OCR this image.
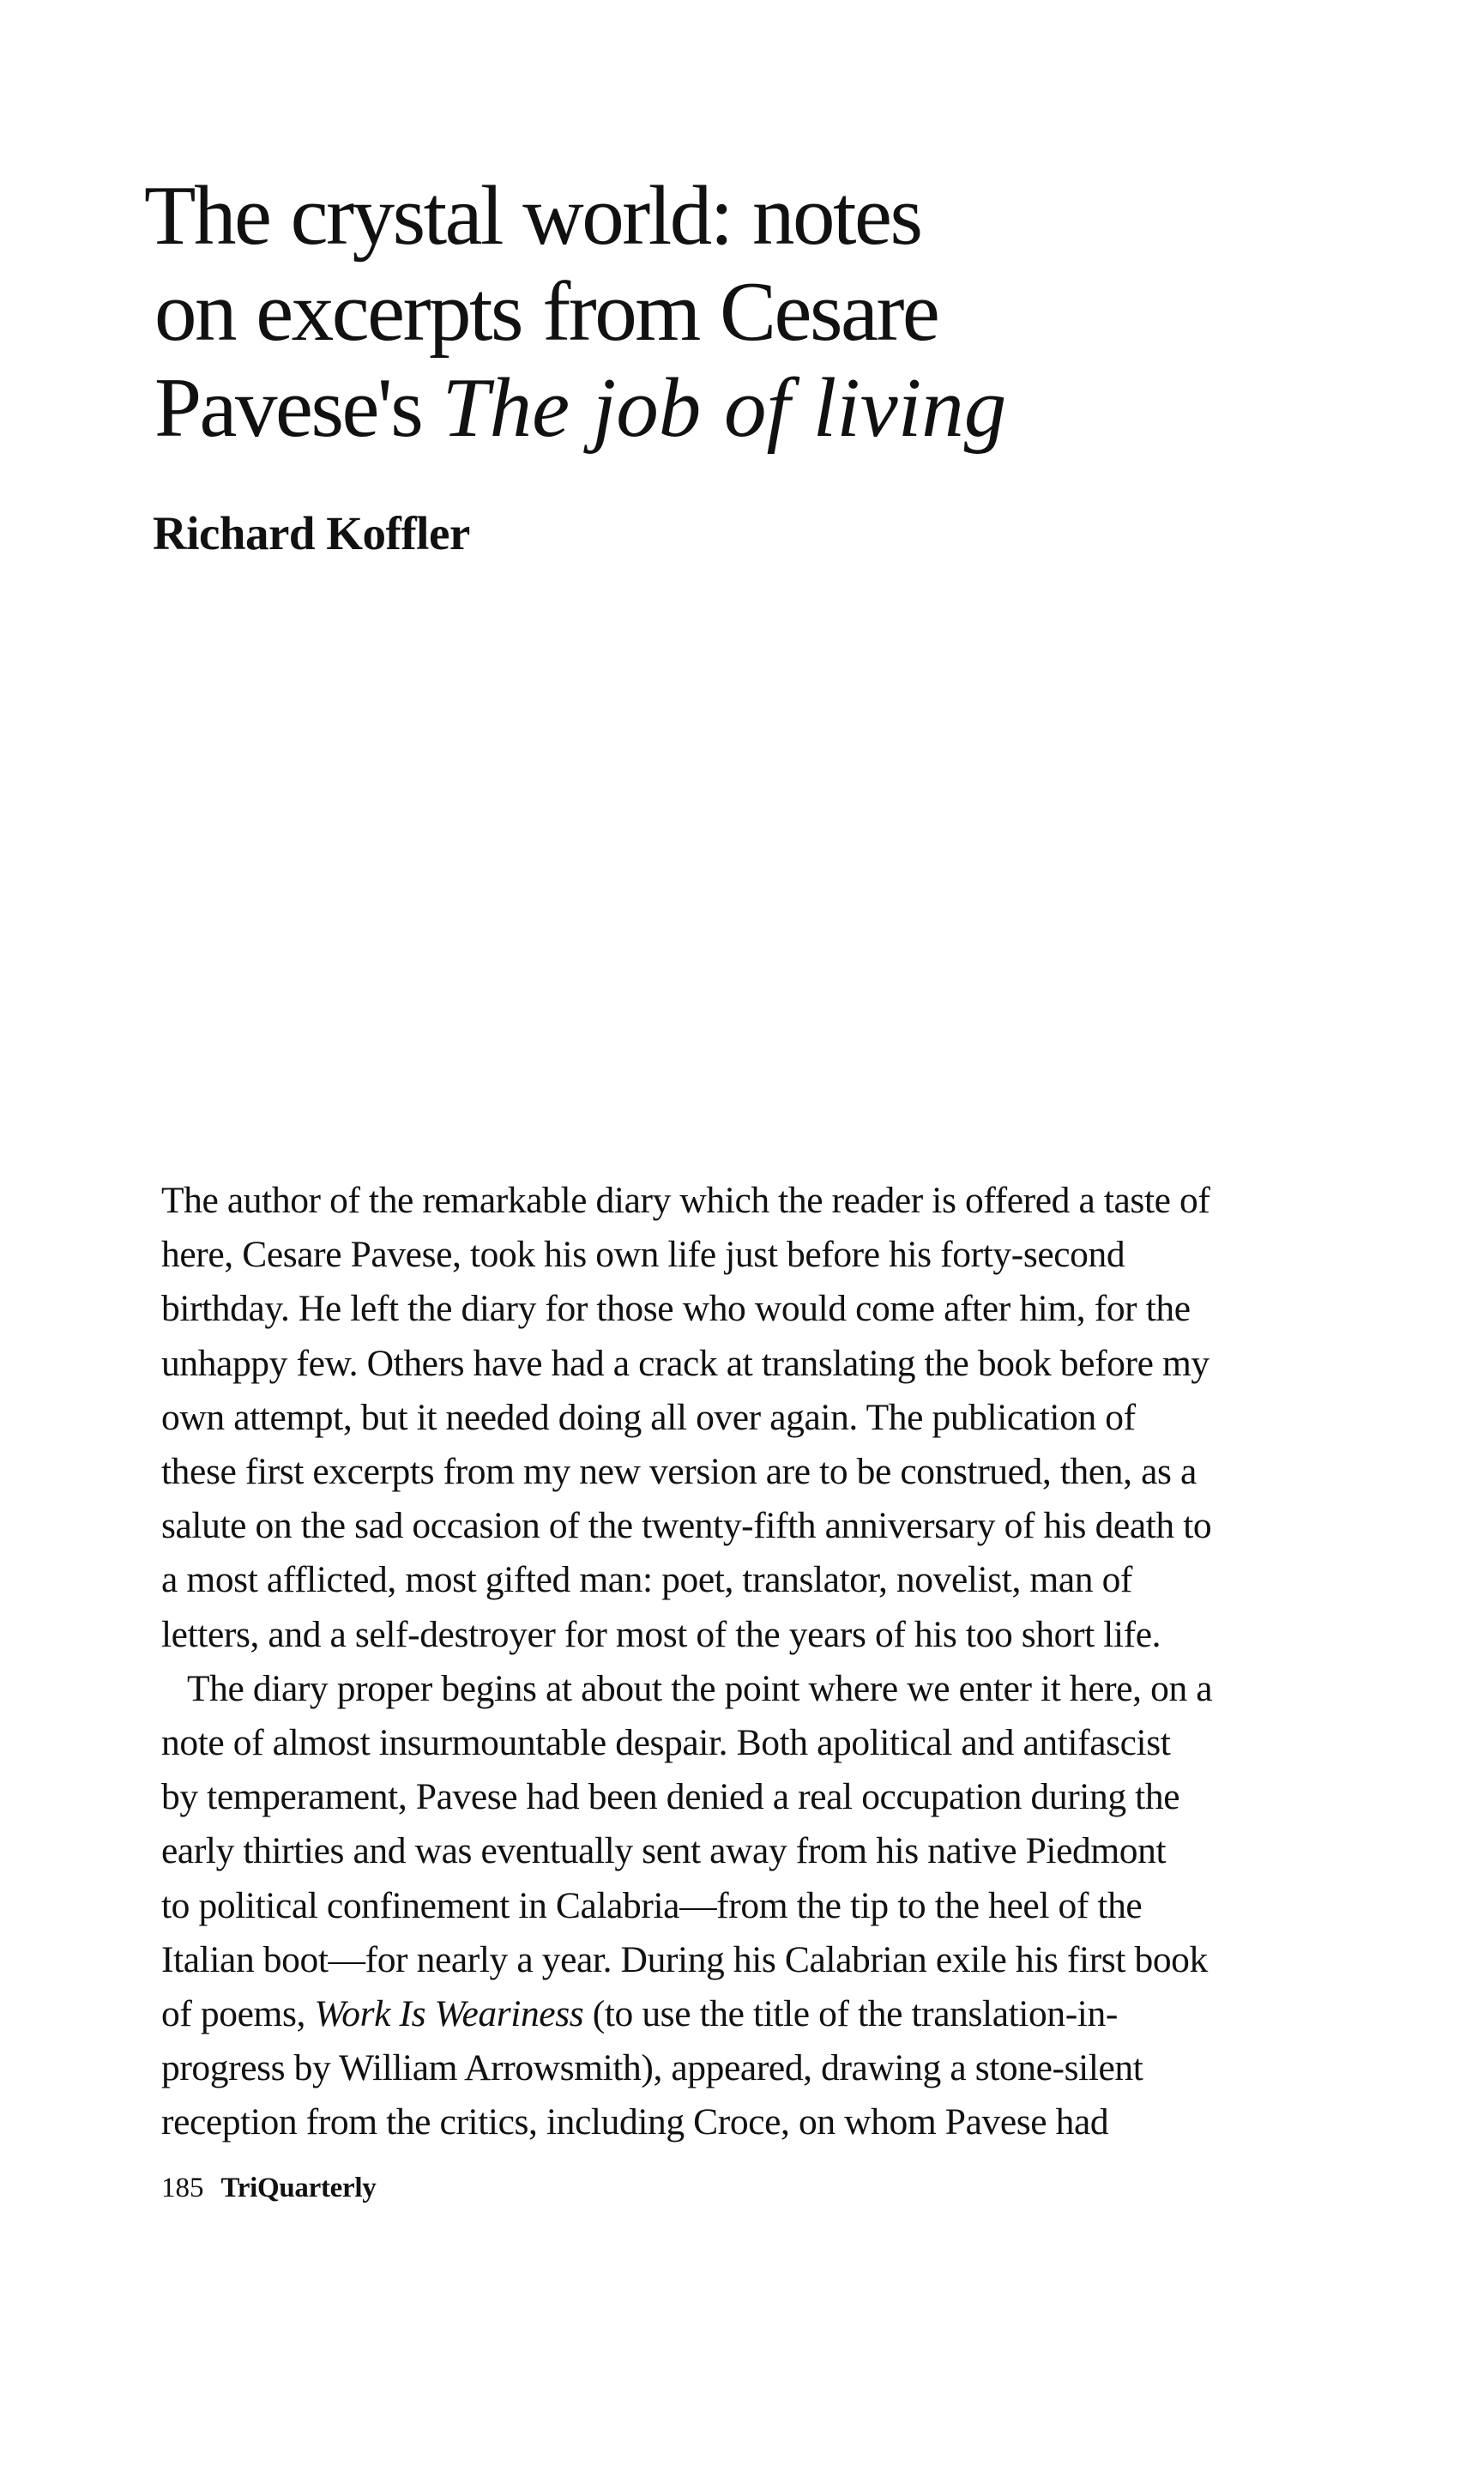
The crystal world: notes
on excerpts from Cesare
Pavese's The job of living
Richard Koffler

The author of the remarkable diary which the reader is offered a taste of
here, Cesare Pavese, took his own life just before his forty-second
birthday. He left the diary for those who would come after him, for the
unhappy few. Others have had a crack at translating the book before my
own attempt, but it needed doing all over again. The publication of
these first excerpts from my new version are to be construed, then, as a
salute on the sad occasion of the twenty-fifth anniversary of his death to
a most afflicted, most gifted man: poet, translator, novelist, man of
letters, and a self-destroyer for most of the years of his too short life.

The diary proper begins at about the point where we enter it here, on a
note of almost insurmountable despair. Both apolitical and antifascist
by temperament, Pavese had been denied a real occupation during the
early thirties and was eventually sent away from his native Piedmont
to political confinement in Calabria—from the tip to the heel of the
Italian boot—for nearly a year. During his Calabrian exile his first book
of poems, Work Is Weariness (to use the title of the translation-in-
progress by William Arrowsmith), appeared, drawing a stone-silent
reception from the critics, including Croce, on whom Pavese had

185 TriQuarterly
